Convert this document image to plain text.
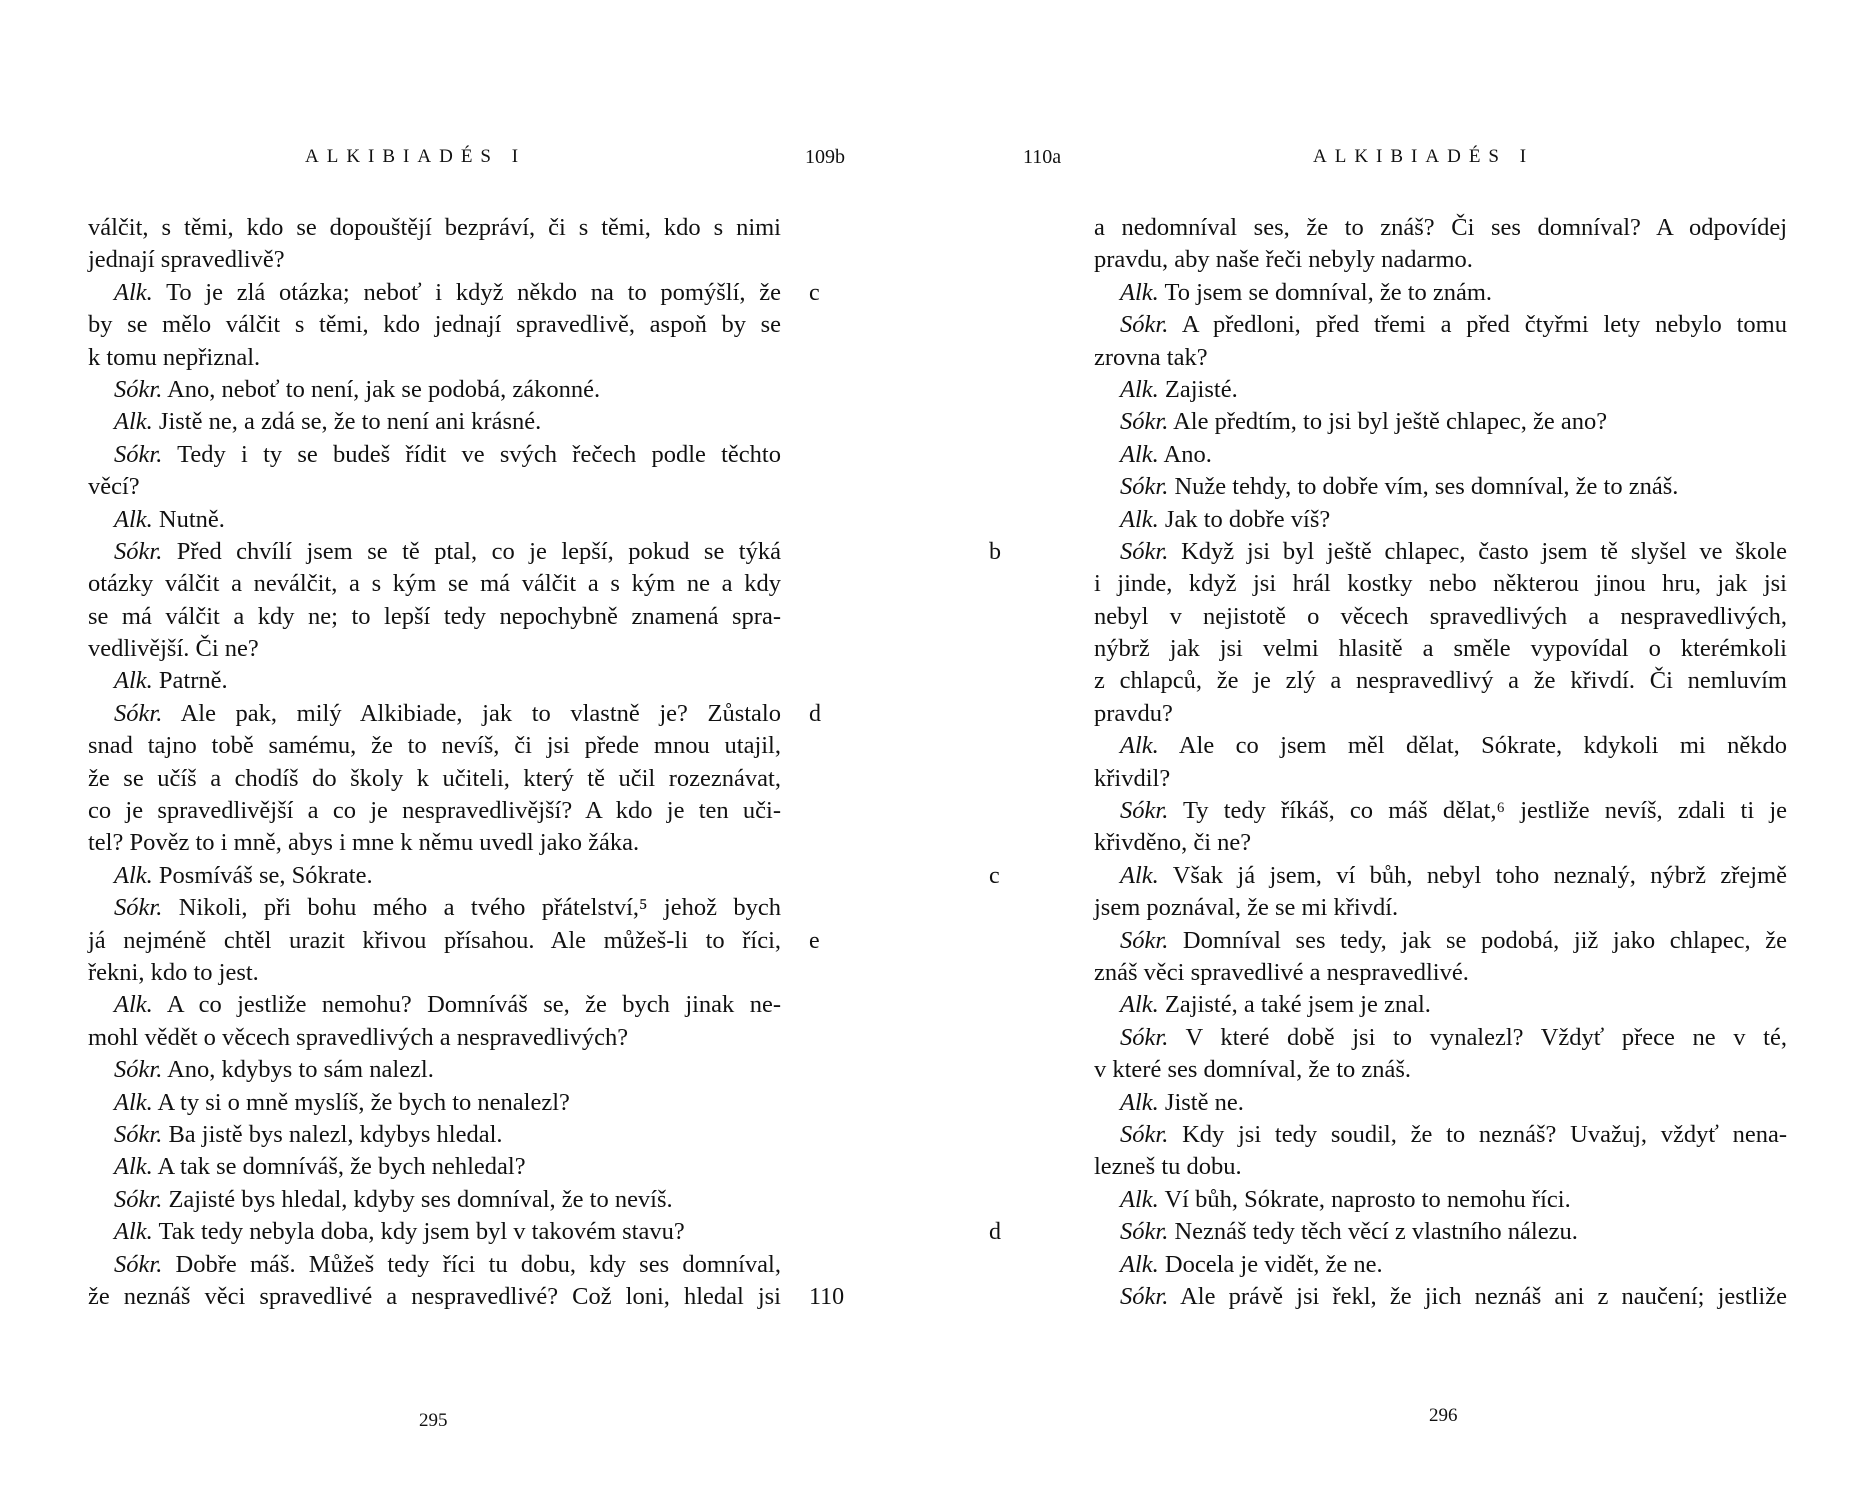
ALKIBIADÉS I	109b
válčit, s těmi, kdo se dopouštějí bezpráví, či s těmi, kdo s nimi
jednají spravedlivě?
Alk. To je zlá otázka; neboť i když někdo na to pomýšlí, že c
by se mělo válčit s těmi, kdo jednají spravedlivě, aspoň by se
k tomu nepřiznal.
Sókr. Ano, neboť to není, jak se podobá, zákonné.
Alk. Jistě ne, a zdá se, že to není ani krásné.
Sókr. Tedy i ty se budeš řídit ve svých řečech podle těchto
věcí?
Alk. Nutně.
Sókr. Před chvílí jsem se tě ptal, co je lepší, pokud se týká
otázky válčit a neválčit, a s kým se má válčit a s kým ne a kdy
se má válčit a kdy ne; to lepší tedy nepochybně znamená spra-
vedlivější. Či ne?
Alk. Patrně.
Sókr. Ale pak, milý Alkibiade, jak to vlastně je? Zůstalo d
snad tajno tobě samému, že to nevíš, či jsi přede mnou utajil,
že se učíš a chodíš do školy k učiteli, který tě učil rozeznávat,
co je spravedlivější a co je nespravedlivější? A kdo je ten uči-
tel? Pověz to i mně, abys i mne k němu uvedl jako žáka.
Alk. Posmíváš se, Sókrate.
Sókr. Nikoli, při bohu mého a tvého přátelství,⁵ jehož bych
já nejméně chtěl urazit křivou přísahou. Ale můžeš-li to říci, e
řekni, kdo to jest.
Alk. A co jestliže nemohu? Domníváš se, že bych jinak ne-
mohl vědět o věcech spravedlivých a nespravedlivých?
Sókr. Ano, kdybys to sám nalezl.
Alk. A ty si o mně myslíš, že bych to nenalezl?
Sókr. Ba jistě bys nalezl, kdybys hledal.
Alk. A tak se domníváš, že bych nehledal?
Sókr. Zajisté bys hledal, kdyby ses domníval, že to nevíš.
Alk. Tak tedy nebyla doba, kdy jsem byl v takovém stavu?
Sókr. Dobře máš. Můžeš tedy říci tu dobu, kdy ses domníval,
že neznáš věci spravedlivé a nespravedlivé? Což loni, hledal jsi 110
295
110a	ALKIBIADÉS I
a nedomníval ses, že to znáš? Či ses domníval? A odpovídej
pravdu, aby naše řeči nebyly nadarmo.
Alk. To jsem se domníval, že to znám.
Sókr. A předloni, před třemi a před čtyřmi lety nebylo tomu
zrovna tak?
Alk. Zajisté.
Sókr. Ale předtím, to jsi byl ještě chlapec, že ano?
Alk. Ano.
Sókr. Nuže tehdy, to dobře vím, ses domníval, že to znáš.
Alk. Jak to dobře víš?
Sókr. Když jsi byl ještě chlapec, často jsem tě slyšel ve škole
b
i jinde, když jsi hrál kostky nebo některou jinou hru, jak jsi
nebyl v nejistotě o věcech spravedlivých a nespravedlivých,
nýbrž jak jsi velmi hlasitě a směle vypovídal o kterémkoli
z chlapců, že je zlý a nespravedlivý a že křivdí. Či nemluvím
pravdu?
Alk. Ale co jsem měl dělat, Sókrate, kdykoli mi někdo
křivdil?
Sókr. Ty tedy říkáš, co máš dělat,⁶ jestliže nevíš, zdali ti je
křivděno, či ne?
Alk. Však já jsem, ví bůh, nebyl toho neznalý, nýbrž zřejmě
c
jsem poznával, že se mi křivdí.
Sókr. Domníval ses tedy, jak se podobá, již jako chlapec, že
znáš věci spravedlivé a nespravedlivé.
Alk. Zajisté, a také jsem je znal.
Sókr. V které době jsi to vynalezl? Vždyť přece ne v té,
v které ses domníval, že to znáš.
Alk. Jistě ne.
Sókr. Kdy jsi tedy soudil, že to neznáš? Uvažuj, vždyť nena-
lezneš tu dobu.
Alk. Ví bůh, Sókrate, naprosto to nemohu říci.
Sókr. Neznáš tedy těch věcí z vlastního nálezu.
d
Alk. Docela je vidět, že ne.
Sókr. Ale právě jsi řekl, že jich neznáš ani z naučení; jestliže
296
